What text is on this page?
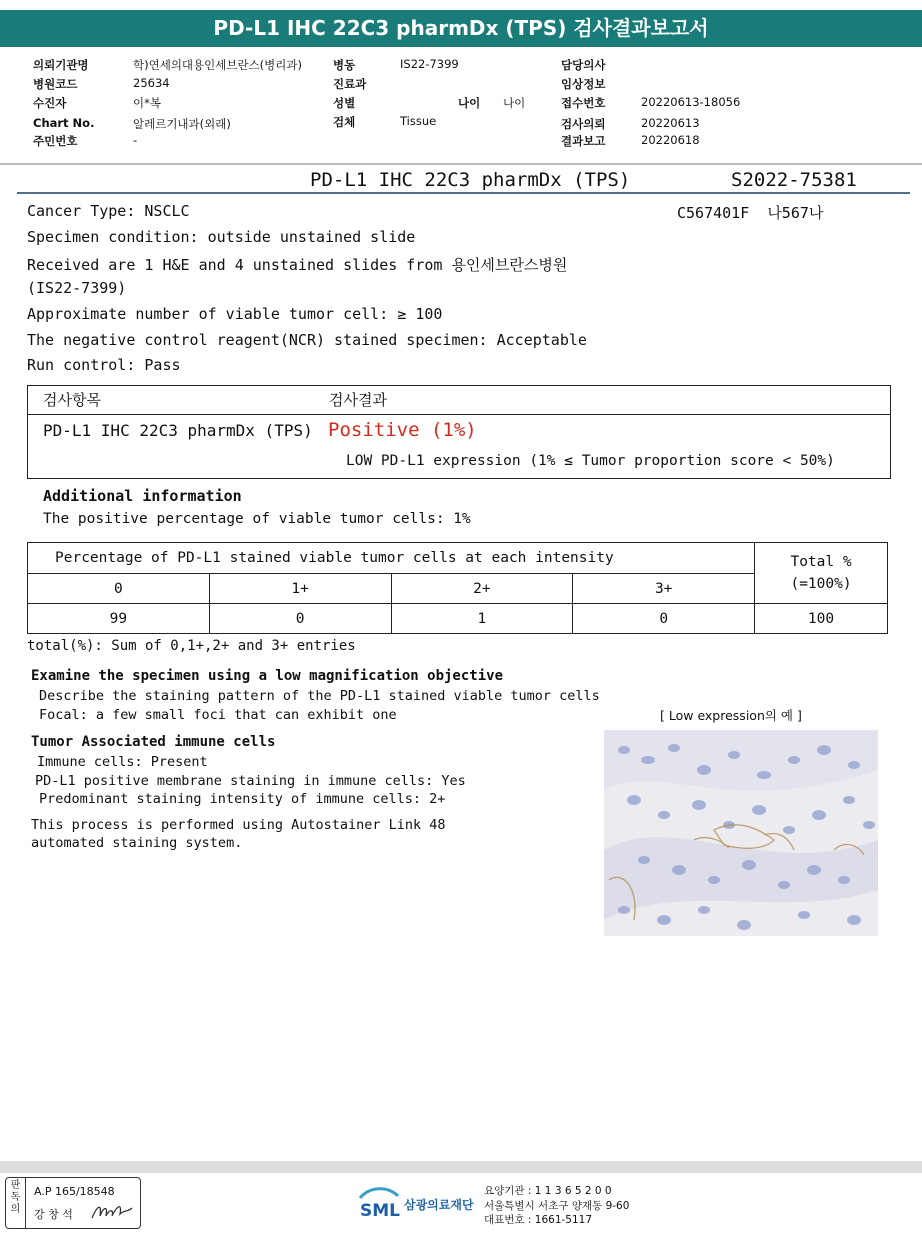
PD-L1 IHC 22C3 pharmDx (TPS) 검사결과보고서
의뢰기관명	학)연세의대용인세브란스(병리과)
병원코드	25634
수진자	이*복
Chart No.	알레르기내과(외래)
주민번호	-
병동	IS22-7399
진료과
성별	나이 나이
검체	Tissue
담당의사
임상정보
접수번호	20220613-18056
검사의뢰	20220613
결과보고	20220618
PD-L1 IHC 22C3 pharmDx (TPS)	S2022-75381
C567401F 나567나
Cancer Type: NSCLC
Specimen condition: outside unstained slide
Received are 1 H&E and 4 unstained slides from 용인세브란스병원
(IS22-7399)
Approximate number of viable tumor cell: ≥ 100
The negative control reagent(NCR) stained specimen: Acceptable
Run control: Pass
검사항목	검사결과
PD-L1 IHC 22C3 pharmDx (TPS) Positive (1%)
LOW PD-L1 expression (1% ≤ Tumor proportion score < 50%)
Additional information
The positive percentage of viable tumor cells: 1%
Percentage of PD-L1 stained viable tumor cells at each intensity				Total %
(=100%)
0	1+	2+	3+	
99	0	1	0	100
total(%): Sum of 0,1+,2+ and 3+ entries
Examine the specimen using a low magnification objective
Describe the staining pattern of the PD-L1 stained viable tumor cells
Focal: a few small foci that can exhibit one
Tumor Associated immune cells
Immune cells: Present
PD-L1 positive membrane staining in immune cells: Yes
Predominant staining intensity of immune cells: 2+
This process is performed using Autostainer Link 48
automated staining system.
[ Low expression의 예 ]
판
독
의
A.P 165/18548
강 창 석	SML 삼광의료재단
요양기관 : 1 1 3 6 5 2 0 0
서울특별시 서초구 양재동 9-60
대표번호 : 1661-5117
